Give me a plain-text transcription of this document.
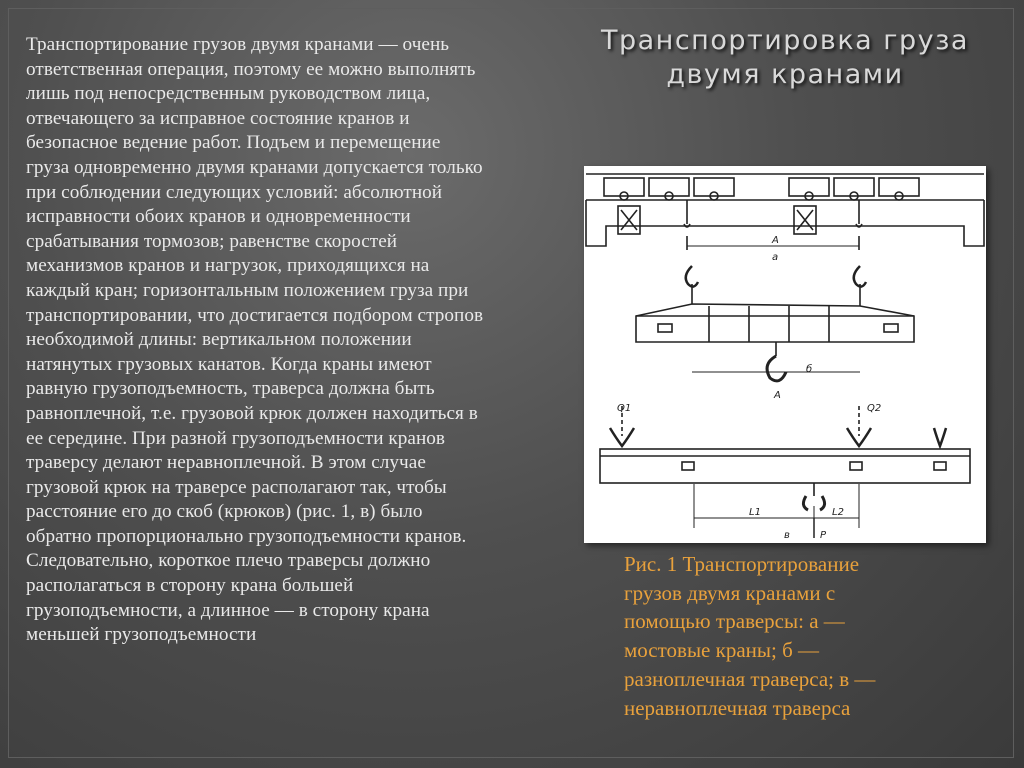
Транспортирование грузов двумя кранами — очень
ответственная операция, поэтому ее можно выполнять
лишь под непосредственным руководством лица,
отвечающего за исправное состояние кранов и
безопасное ведение работ. Подъем и перемещение
груза одновременно двумя кранами допускается только
при соблюдении следующих условий: абсолютной
исправности обоих кранов и одновременности
срабатывания тормозов; равенстве скоростей
механизмов кранов и нагрузок, приходящихся на
каждый кран; горизонтальным положением груза при
транспортировании, что достигается подбором стропов
необходимой длины: вертикальном положении
натянутых грузовых канатов. Когда краны имеют
равную грузоподъемность, траверса должна быть
равноплечной, т.е. грузовой крюк должен находиться в
ее середине. При разной грузоподъемности кранов
траверсу делают неравноплечной. В этом случае
грузовой крюк на траверсе располагают так, чтобы
расстояние его до скоб (крюков) (рис. 1, в) было
обратно пропорционально грузоподъемности кранов.
Следовательно, короткое плечо траверсы должно
располагаться в сторону крана большей
грузоподъемности, а длинное — в сторону крана
меньшей грузоподъемности
Транспортировка груза двумя кранами
A
а
б
A
Q1	Q2
L1	L2
в	P
Рис. 1 Транспортирование
грузов двумя кранами с
помощью траверсы: а —
мостовые краны; б —
разноплечная траверса; в —
неравноплечная траверса
